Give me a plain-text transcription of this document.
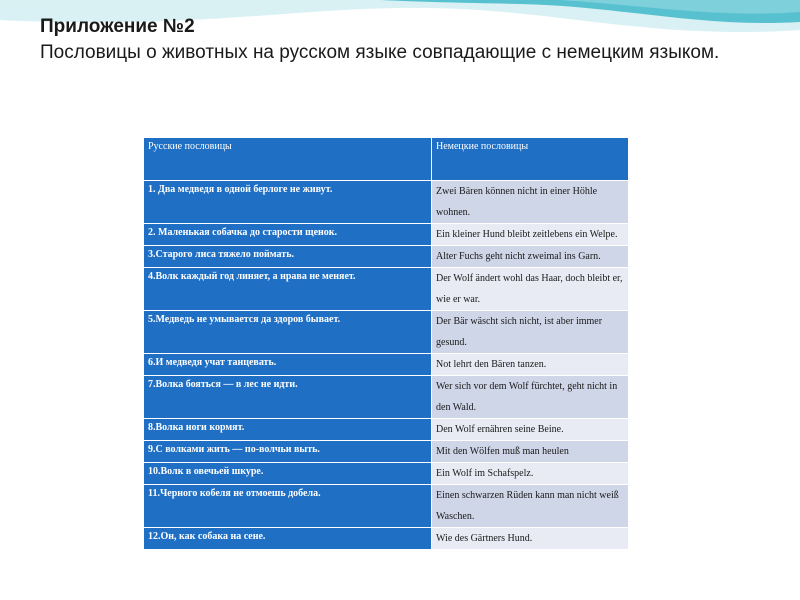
Приложение №2
Пословицы о животных на русском языке совпадающие с немецким языком.
Русские пословицы	Немецкие пословицы
1. Два медведя в одной берлоге не живут.	Zwei Bären können nicht in einer Höhle wohnen.
2. Маленькая собачка до старости щенок.	Ein kleiner Hund bleibt zeitlebens ein Welpe.
3.Старого лиса тяжело поймать.	Alter Fuchs geht nicht zweimal ins Garn.
4.Волк каждый год линяет, а нрава не меняет.	Der Wolf ändert wohl das Haar, doch bleibt er, wie er war.
5.Медведь не умывается да здоров бывает.	Der Bär wäscht sich nicht, ist aber immer gesund.
6.И медведя учат танцевать.	Not lehrt den Bären tanzen.
7.Волка бояться — в лес не идти.	Wer sich vor dem Wolf fürchtet, geht nicht in den Wald.
8.Волка ноги кормят.	Den Wolf ernähren seine Beine.
9.С волками жить — по-волчьи выть.	Mit den Wölfen muß man heulen
10.Волк в овечьей шкуре.	Ein Wolf im Schafspelz.
11.Черного кобеля не отмоешь добела.	Einen schwarzen Rüden kann man nicht weiß Waschen.
12.Он, как собака на сене.	Wie des Gärtners Hund.
